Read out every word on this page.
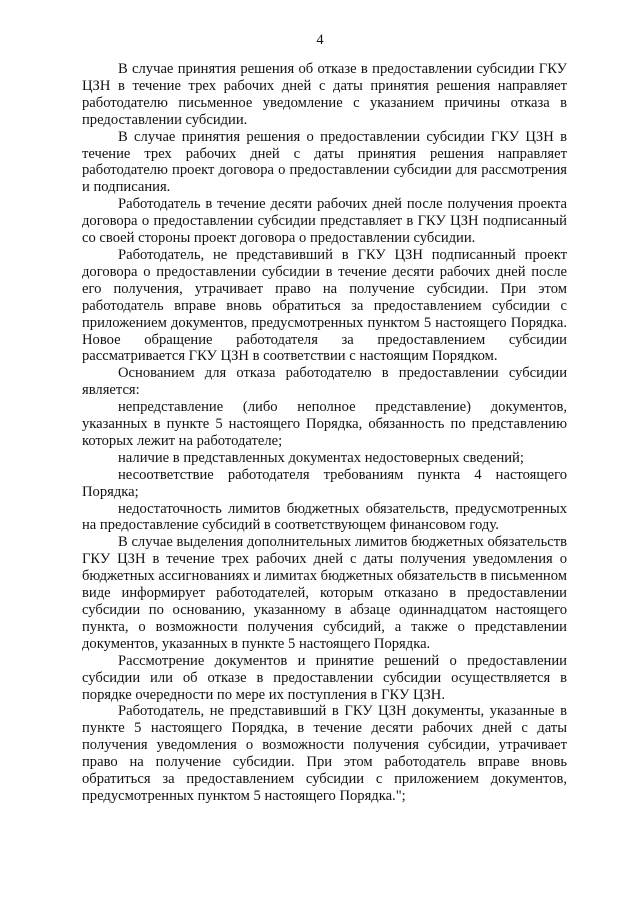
4

В случае принятия решения об отказе в предоставлении субсидии ГКУ ЦЗН в течение трех рабочих дней с даты принятия решения направляет работодателю письменное уведомление с указанием причины отказа в предоставлении субсидии.

В случае принятия решения о предоставлении субсидии ГКУ ЦЗН в течение трех рабочих дней с даты принятия решения направляет работодателю проект договора о предоставлении субсидии для рассмотрения и подписания.

Работодатель в течение десяти рабочих дней после получения проекта договора о предоставлении субсидии представляет в ГКУ ЦЗН подписанный со своей стороны проект договора о предоставлении субсидии.

Работодатель, не представивший в ГКУ ЦЗН подписанный проект договора о предоставлении субсидии в течение десяти рабочих дней после его получения, утрачивает право на получение субсидии. При этом работодатель вправе вновь обратиться за предоставлением субсидии с приложением документов, предусмотренных пунктом 5 настоящего Порядка. Новое обращение работодателя за предоставлением субсидии рассматривается ГКУ ЦЗН в соответствии с настоящим Порядком.

Основанием для отказа работодателю в предоставлении субсидии является:

непредставление (либо неполное представление) документов, указанных в пункте 5 настоящего Порядка, обязанность по представлению которых лежит на работодателе;

наличие в представленных документах недостоверных сведений;

несоответствие работодателя требованиям пункта 4 настоящего Порядка;

недостаточность лимитов бюджетных обязательств, предусмотренных на предоставление субсидий в соответствующем финансовом году.

В случае выделения дополнительных лимитов бюджетных обязательств ГКУ ЦЗН в течение трех рабочих дней с даты получения уведомления о бюджетных ассигнованиях и лимитах бюджетных обязательств в письменном виде информирует работодателей, которым отказано в предоставлении субсидии по основанию, указанному в абзаце одиннадцатом настоящего пункта, о возможности получения субсидий, а также о представлении документов, указанных в пункте 5 настоящего Порядка.

Рассмотрение документов и принятие решений о предоставлении субсидии или об отказе в предоставлении субсидии осуществляется в порядке очередности по мере их поступления в ГКУ ЦЗН.

Работодатель, не представивший в ГКУ ЦЗН документы, указанные в пункте 5 настоящего Порядка, в течение десяти рабочих дней с даты получения уведомления о возможности получения субсидии, утрачивает право на получение субсидии. При этом работодатель вправе вновь обратиться за предоставлением субсидии с приложением документов, предусмотренных пунктом 5 настоящего Порядка.";
